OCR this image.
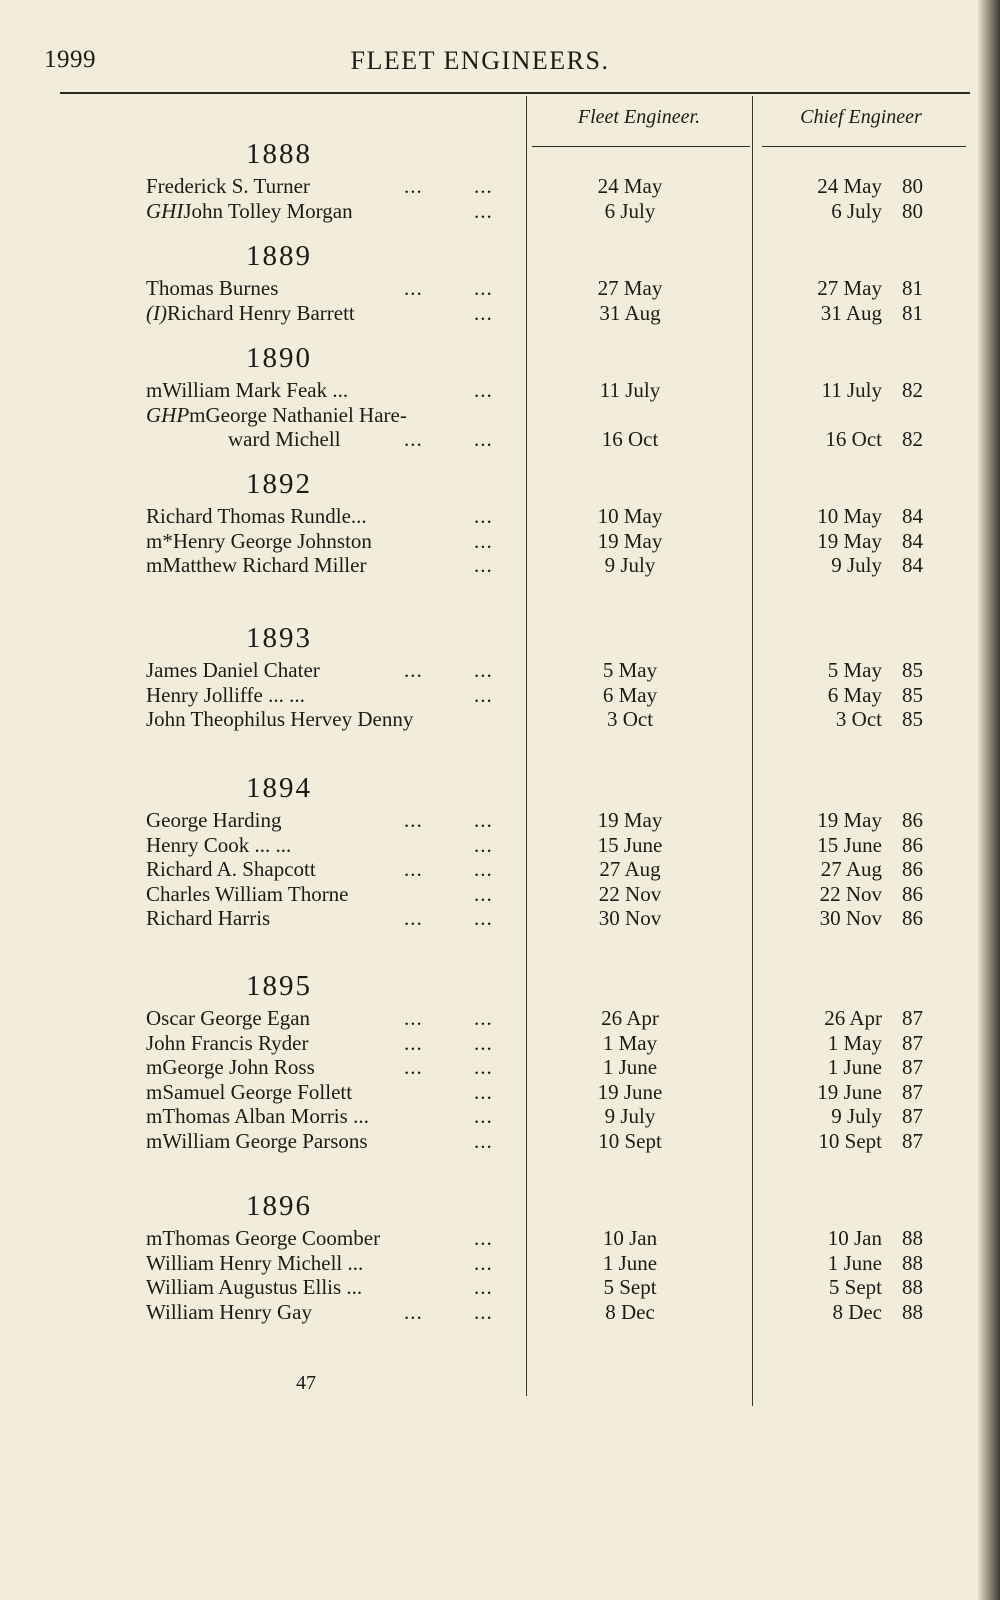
1999	FLEET ENGINEERS.
Fleet Engineer.	Chief Engineer
1888
Frederick S. Turner	... ...	24 May	24 May 80
GHIJohn Tolley Morgan	...	6 July	6 July 80
1889
Thomas Burnes	... ...	27 May	27 May 81
(I)Richard Henry Barrett	...	31 Aug	31 Aug 81
1890
mWilliam Mark Feak ...	...	11 July	11 July 82
GHPmGeorge Nathaniel Hare-
ward Michell	... ...	16 Oct	16 Oct 82
1892
Richard Thomas Rundle...	...	10 May	10 May 84
m*Henry George Johnston	...	19 May	19 May 84
mMatthew Richard Miller	...	9 July	9 July 84
1893
James Daniel Chater	... ...	5 May	5 May 85
Henry Jolliffe ... ...	...	6 May	6 May 85
John Theophilus Hervey Denny	3 Oct	3 Oct 85
1894
George Harding	... ...	19 May	19 May 86
Henry Cook ... ...	...	15 June	15 June 86
Richard A. Shapcott	... ...	27 Aug	27 Aug 86
Charles William Thorne	...	22 Nov	22 Nov 86
Richard Harris	... ...	30 Nov	30 Nov 86
1895
Oscar George Egan	... ...	26 Apr	26 Apr 87
John Francis Ryder	... ...	1 May	1 May 87
mGeorge John Ross	... ...	1 June	1 June 87
mSamuel George Follett	...	19 June	19 June 87
mThomas Alban Morris ...	...	9 July	9 July 87
mWilliam George Parsons	...	10 Sept	10 Sept 87
1896
mThomas George Coomber	...	10 Jan	10 Jan 88
William Henry Michell ...	...	1 June	1 June 88
William Augustus Ellis ...	...	5 Sept	5 Sept 88
William Henry Gay	... ...	8 Dec	8 Dec 88
47
